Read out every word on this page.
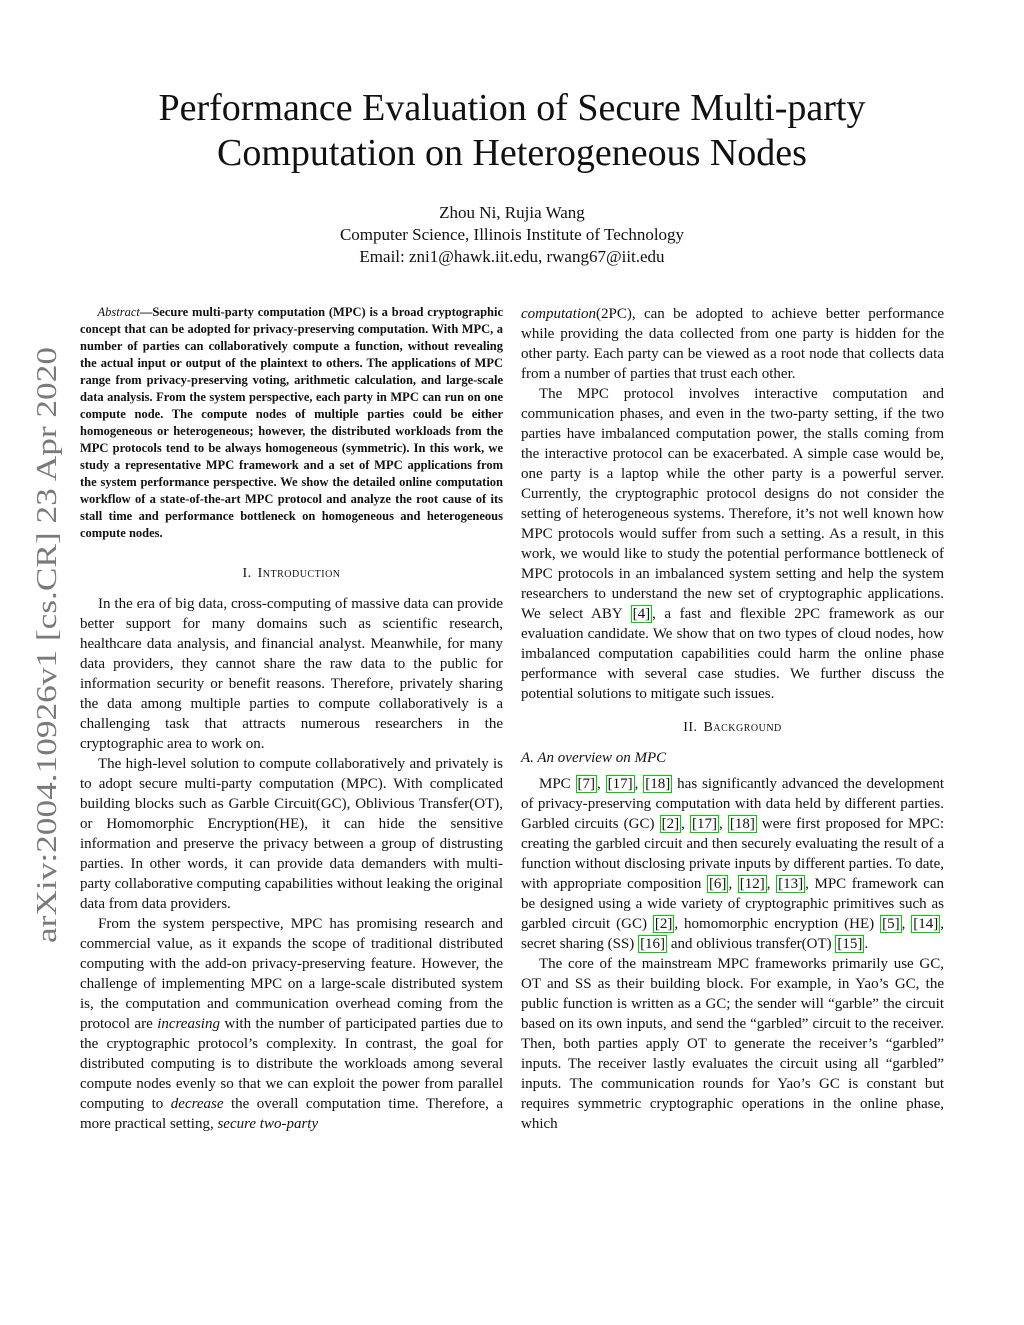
arXiv:2004.10926v1 [cs.CR] 23 Apr 2020
Performance Evaluation of Secure Multi-party
Computation on Heterogeneous Nodes
Zhou Ni, Rujia Wang
Computer Science, Illinois Institute of Technology
Email: zni1@hawk.iit.edu, rwang67@iit.edu

Abstract—Secure multi-party computation (MPC) is a broad cryptographic concept that can be adopted for privacy-preserving computation. With MPC, a number of parties can collaboratively compute a function, without revealing the actual input or output of the plaintext to others. The applications of MPC range from privacy-preserving voting, arithmetic calculation, and large-scale data analysis. From the system perspective, each party in MPC can run on one compute node. The compute nodes of multiple parties could be either homogeneous or heterogeneous; however, the distributed workloads from the MPC protocols tend to be always homogeneous (symmetric). In this work, we study a representative MPC framework and a set of MPC applications from the system performance perspective. We show the detailed online computation workflow of a state-of-the-art MPC protocol and analyze the root cause of its stall time and performance bottleneck on homogeneous and heterogeneous compute nodes.

I. Introduction

In the era of big data, cross-computing of massive data can provide better support for many domains such as scientific research, healthcare data analysis, and financial analyst. Meanwhile, for many data providers, they cannot share the raw data to the public for information security or benefit reasons. Therefore, privately sharing the data among multiple parties to compute collaboratively is a challenging task that attracts numerous researchers in the cryptographic area to work on.

The high-level solution to compute collaboratively and privately is to adopt secure multi-party computation (MPC). With complicated building blocks such as Garble Circuit(GC), Oblivious Transfer(OT), or Homomorphic Encryption(HE), it can hide the sensitive information and preserve the privacy between a group of distrusting parties. In other words, it can provide data demanders with multi-party collaborative computing capabilities without leaking the original data from data providers.

From the system perspective, MPC has promising research and commercial value, as it expands the scope of traditional distributed computing with the add-on privacy-preserving feature. However, the challenge of implementing MPC on a large-scale distributed system is, the computation and communication overhead coming from the protocol are increasing with the number of participated parties due to the cryptographic protocol’s complexity. In contrast, the goal for distributed computing is to distribute the workloads among several compute nodes evenly so that we can exploit the power from parallel computing to decrease the overall computation time. Therefore, a more practical setting, secure two-party

computation(2PC), can be adopted to achieve better performance while providing the data collected from one party is hidden for the other party. Each party can be viewed as a root node that collects data from a number of parties that trust each other.

The MPC protocol involves interactive computation and communication phases, and even in the two-party setting, if the two parties have imbalanced computation power, the stalls coming from the interactive protocol can be exacerbated. A simple case would be, one party is a laptop while the other party is a powerful server. Currently, the cryptographic protocol designs do not consider the setting of heterogeneous systems. Therefore, it’s not well known how MPC protocols would suffer from such a setting. As a result, in this work, we would like to study the potential performance bottleneck of MPC protocols in an imbalanced system setting and help the system researchers to understand the new set of cryptographic applications. We select ABY [4] , a fast and flexible 2PC framework as our evaluation candidate. We show that on two types of cloud nodes, how imbalanced computation capabilities could harm the online phase performance with several case studies. We further discuss the potential solutions to mitigate such issues.

II. Background
A. An overview on MPC

MPC [7] , [17] , [18] has significantly advanced the development of privacy-preserving computation with data held by different parties. Garbled circuits (GC) [2] , [17] , [18] were first proposed for MPC: creating the garbled circuit and then securely evaluating the result of a function without disclosing private inputs by different parties. To date, with appropriate composition [6] , [12] , [13] , MPC framework can be designed using a wide variety of cryptographic primitives such as garbled circuit (GC) [2] , homomorphic encryption (HE) [5] , [14] , secret sharing (SS) [16] and oblivious transfer(OT) [15] .

The core of the mainstream MPC frameworks primarily use GC, OT and SS as their building block. For example, in Yao’s GC, the public function is written as a GC; the sender will “garble” the circuit based on its own inputs, and send the “garbled” circuit to the receiver. Then, both parties apply OT to generate the receiver’s “garbled” inputs. The receiver lastly evaluates the circuit using all “garbled” inputs. The communication rounds for Yao’s GC is constant but requires symmetric cryptographic operations in the online phase, which
